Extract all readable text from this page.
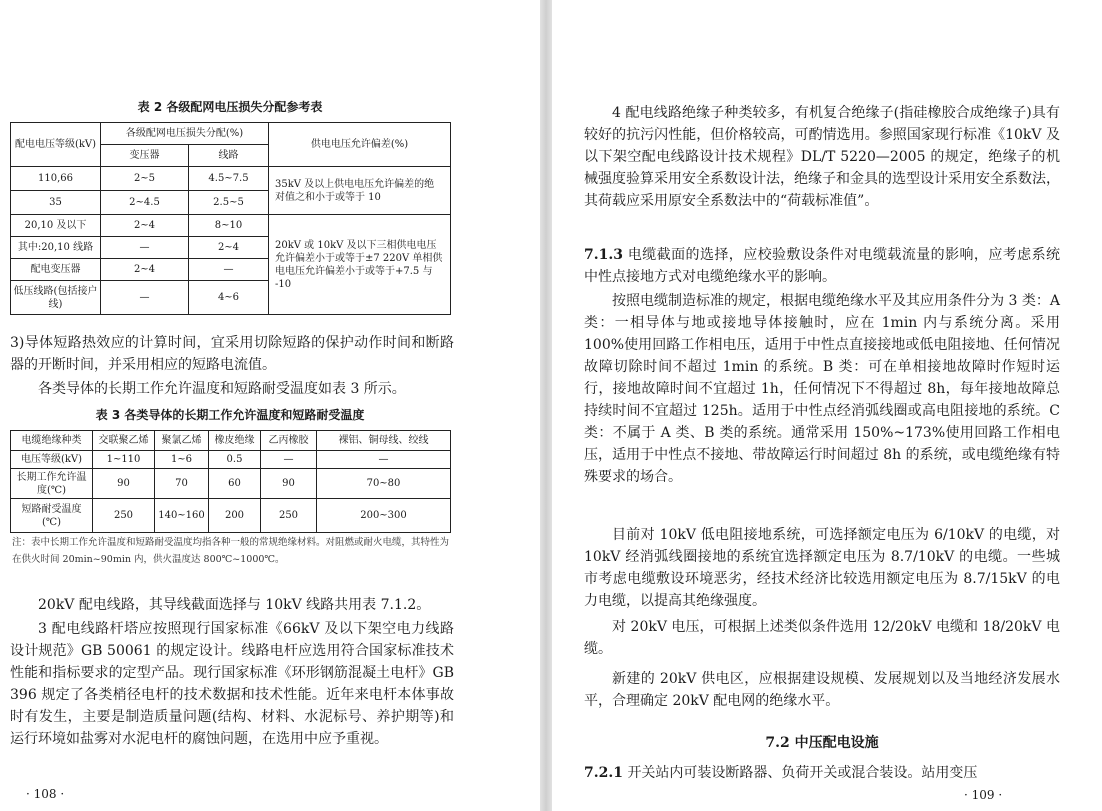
表 2 各级配网电压损失分配参考表
配电电压等级(kV)	各级配网电压损失分配(%)		供电电压允许偏差(%)
	变压器	线路	
110,66	2~5	4.5~7.5	35kV 及以上供电电压允许偏差的绝对值之和小于或等于 10
35	2~4.5	2.5~5	
20,10 及以下	2~4	8~10	20kV 或 10kV 及以下三相供电电压允许偏差小于或等于±7 220V 单相供电电压允许偏差小于或等于+7.5 与 -10
其中:20,10 线路	—	2~4	
配电变压器	2~4	—	
低压线路(包括接户线)	—	4~6	

3)导体短路热效应的计算时间，宜采用切除短路的保护动作时间和断路器的开断时间，并采用相应的短路电流值。

各类导体的长期工作允许温度和短路耐受温度如表 3 所示。

表 3 各类导体的长期工作允许温度和短路耐受温度
电缆绝缘种类	交联聚乙烯	聚氯乙烯	橡皮绝缘	乙丙橡胶	裸铝、铜母线、绞线
电压等级(kV)	1~110	1~6	0.5	—	—
长期工作允许温度(℃)	90	70	60	90	70~80
短路耐受温度(℃)	250	140~160	200	250	200~300

注：表中长期工作允许温度和短路耐受温度均指各种一般的常规绝缘材料。对阻燃或耐火电缆，其特性为在供火时间 20min~90min 内，供火温度达 800℃~1000℃。

20kV 配电线路，其导线截面选择与 10kV 线路共用表 7.1.2。

3 配电线路杆塔应按照现行国家标准《66kV 及以下架空电力线路设计规范》GB 50061 的规定设计。线路电杆应选用符合国家标准技术性能和指标要求的定型产品。现行国家标准《环形钢筋混凝土电杆》GB 396 规定了各类梢径电杆的技术数据和技术性能。近年来电杆本体事故时有发生，主要是制造质量问题(结构、材料、水泥标号、养护期等)和运行环境如盐雾对水泥电杆的腐蚀问题，在选用中应予重视。

· 108 ·

4 配电线路绝缘子种类较多，有机复合绝缘子(指硅橡胶合成绝缘子)具有较好的抗污闪性能，但价格较高，可酌情选用。参照国家现行标准《10kV 及以下架空配电线路设计技术规程》DL/T 5220—2005 的规定，绝缘子的机械强度验算采用安全系数设计法，绝缘子和金具的选型设计采用安全系数法，其荷载应采用原安全系数法中的“荷载标准值”。

7.1.3 电缆截面的选择，应校验敷设条件对电缆载流量的影响，应考虑系统中性点接地方式对电缆绝缘水平的影响。

按照电缆制造标准的规定，根据电缆绝缘水平及其应用条件分为 3 类：A 类：一相导体与地或接地导体接触时，应在 1min 内与系统分离。采用 100%使用回路工作相电压，适用于中性点直接接地或低电阻接地、任何情况故障切除时间不超过 1min 的系统。B 类：可在单相接地故障时作短时运行，接地故障时间不宜超过 1h，任何情况下不得超过 8h，每年接地故障总持续时间不宜超过 125h。适用于中性点经消弧线圈或高电阻接地的系统。C 类：不属于 A 类、B 类的系统。通常采用 150%~173%使用回路工作相电压，适用于中性点不接地、带故障运行时间超过 8h 的系统，或电缆绝缘有特殊要求的场合。

目前对 10kV 低电阻接地系统，可选择额定电压为 6/10kV 的电缆，对 10kV 经消弧线圈接地的系统宜选择额定电压为 8.7/10kV 的电缆。一些城市考虑电缆敷设环境恶劣，经技术经济比较选用额定电压为 8.7/15kV 的电力电缆，以提高其绝缘强度。

对 20kV 电压，可根据上述类似条件选用 12/20kV 电缆和 18/20kV 电缆。

新建的 20kV 供电区，应根据建设规模、发展规划以及当地经济发展水平，合理确定 20kV 配电网的绝缘水平。

7.2 中压配电设施

7.2.1 开关站内可装设断路器、负荷开关或混合装设。站用变压

· 109 ·
